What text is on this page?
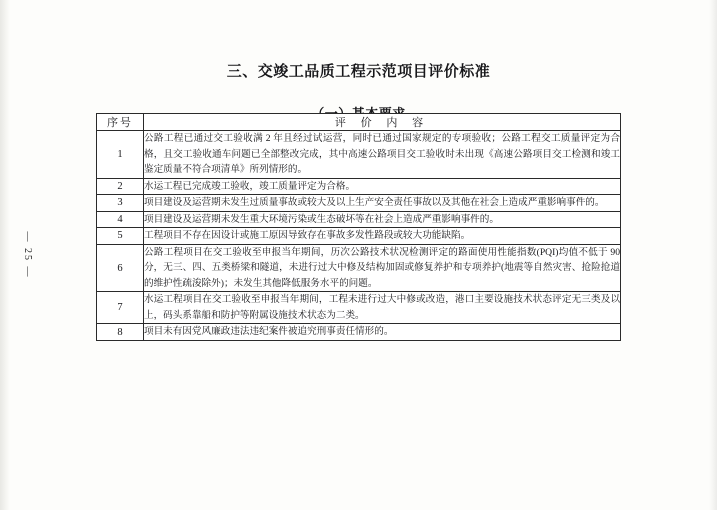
— 25 —
三、交竣工品质工程示范项目评价标准
序号	评 价 内 容
1	公路工程已通过交工验收满 2 年且经过试运营，同时已通过国家规定的专项验收；公路工程交工质量评定为合格，且交工验收通车问题已全部整改完成，其中高速公路项目交工验收时未出现《高速公路项目交工检测和竣工鉴定质量不符合项清单》所列情形的。
2	水运工程已完成竣工验收，竣工质量评定为合格。
3	项目建设及运营期未发生过质量事故或较大及以上生产安全责任事故以及其他在社会上造成严重影响事件的。
4	项目建设及运营期未发生重大环境污染或生态破坏等在社会上造成严重影响事件的。
5	工程项目不存在因设计或施工原因导致存在事故多发性路段或较大功能缺陷。
6	公路工程项目在交工验收至申报当年期间，历次公路技术状况检测评定的路面使用性能指数(PQI)均值不低于 90 分，无三、四、五类桥梁和隧道，未进行过大中修及结构加固或修复养护和专项养护(地震等自然灾害、抢险抢道的维护性疏浚除外)；未发生其他降低服务水平的问题。
7	水运工程项目在交工验收至申报当年期间，工程未进行过大中修或改造，港口主要设施技术状态评定无三类及以上，码头系靠船和防护等附属设施技术状态为二类。
8	项目未有因党风廉政违法违纪案件被追究刑事责任情形的。
